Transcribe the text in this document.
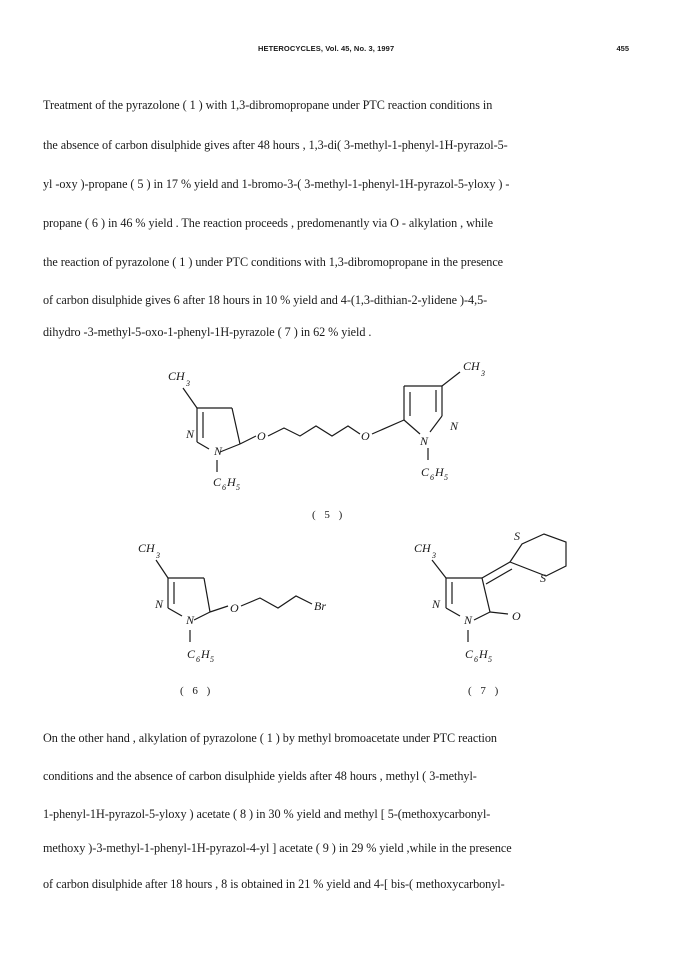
HETEROCYCLES, Vol. 45, No. 3, 1997	455
Treatment of the pyrazolone ( 1 ) with 1,3-dibromopropane under PTC reaction conditions in
the absence of carbon disulphide gives after 48 hours , 1,3-di( 3-methyl-1-phenyl-1H-pyrazol-5-
yl -oxy )-propane ( 5 ) in 17 % yield and 1-bromo-3-( 3-methyl-1-phenyl-1H-pyrazol-5-yloxy ) -
propane ( 6 ) in 46 % yield . The reaction proceeds , predomenantly via O - alkylation , while
the reaction of pyrazolone ( 1 ) under PTC conditions with 1,3-dibromopropane in the presence
of carbon disulphide gives 6 after 18 hours in 10 % yield and 4-(1,3-dithian-2-ylidene )-4,5-
dihydro -3-methyl-5-oxo-1-phenyl-1H-pyrazole ( 7 ) in 62 % yield .
CH
3
N
N
C 6 H 5
O	O
CH
3
N
N
C 6 H 5
( 5 )
CH
3
N
N
C 6 H 5
O	Br
( 6 )
CH
3
N
N	O
C 6 H 5
S
S
( 7 )
On the other hand , alkylation of pyrazolone ( 1 ) by methyl bromoacetate under PTC reaction
conditions and the absence of carbon disulphide yields after 48 hours , methyl ( 3-methyl-
1-phenyl-1H-pyrazol-5-yloxy ) acetate ( 8 ) in 30 % yield and methyl [ 5-(methoxycarbonyl-
methoxy )-3-methyl-1-phenyl-1H-pyrazol-4-yl ] acetate ( 9 ) in 29 % yield ,while in the presence
of carbon disulphide after 18 hours , 8 is obtained in 21 % yield and 4-[ bis-( methoxycarbonyl-
